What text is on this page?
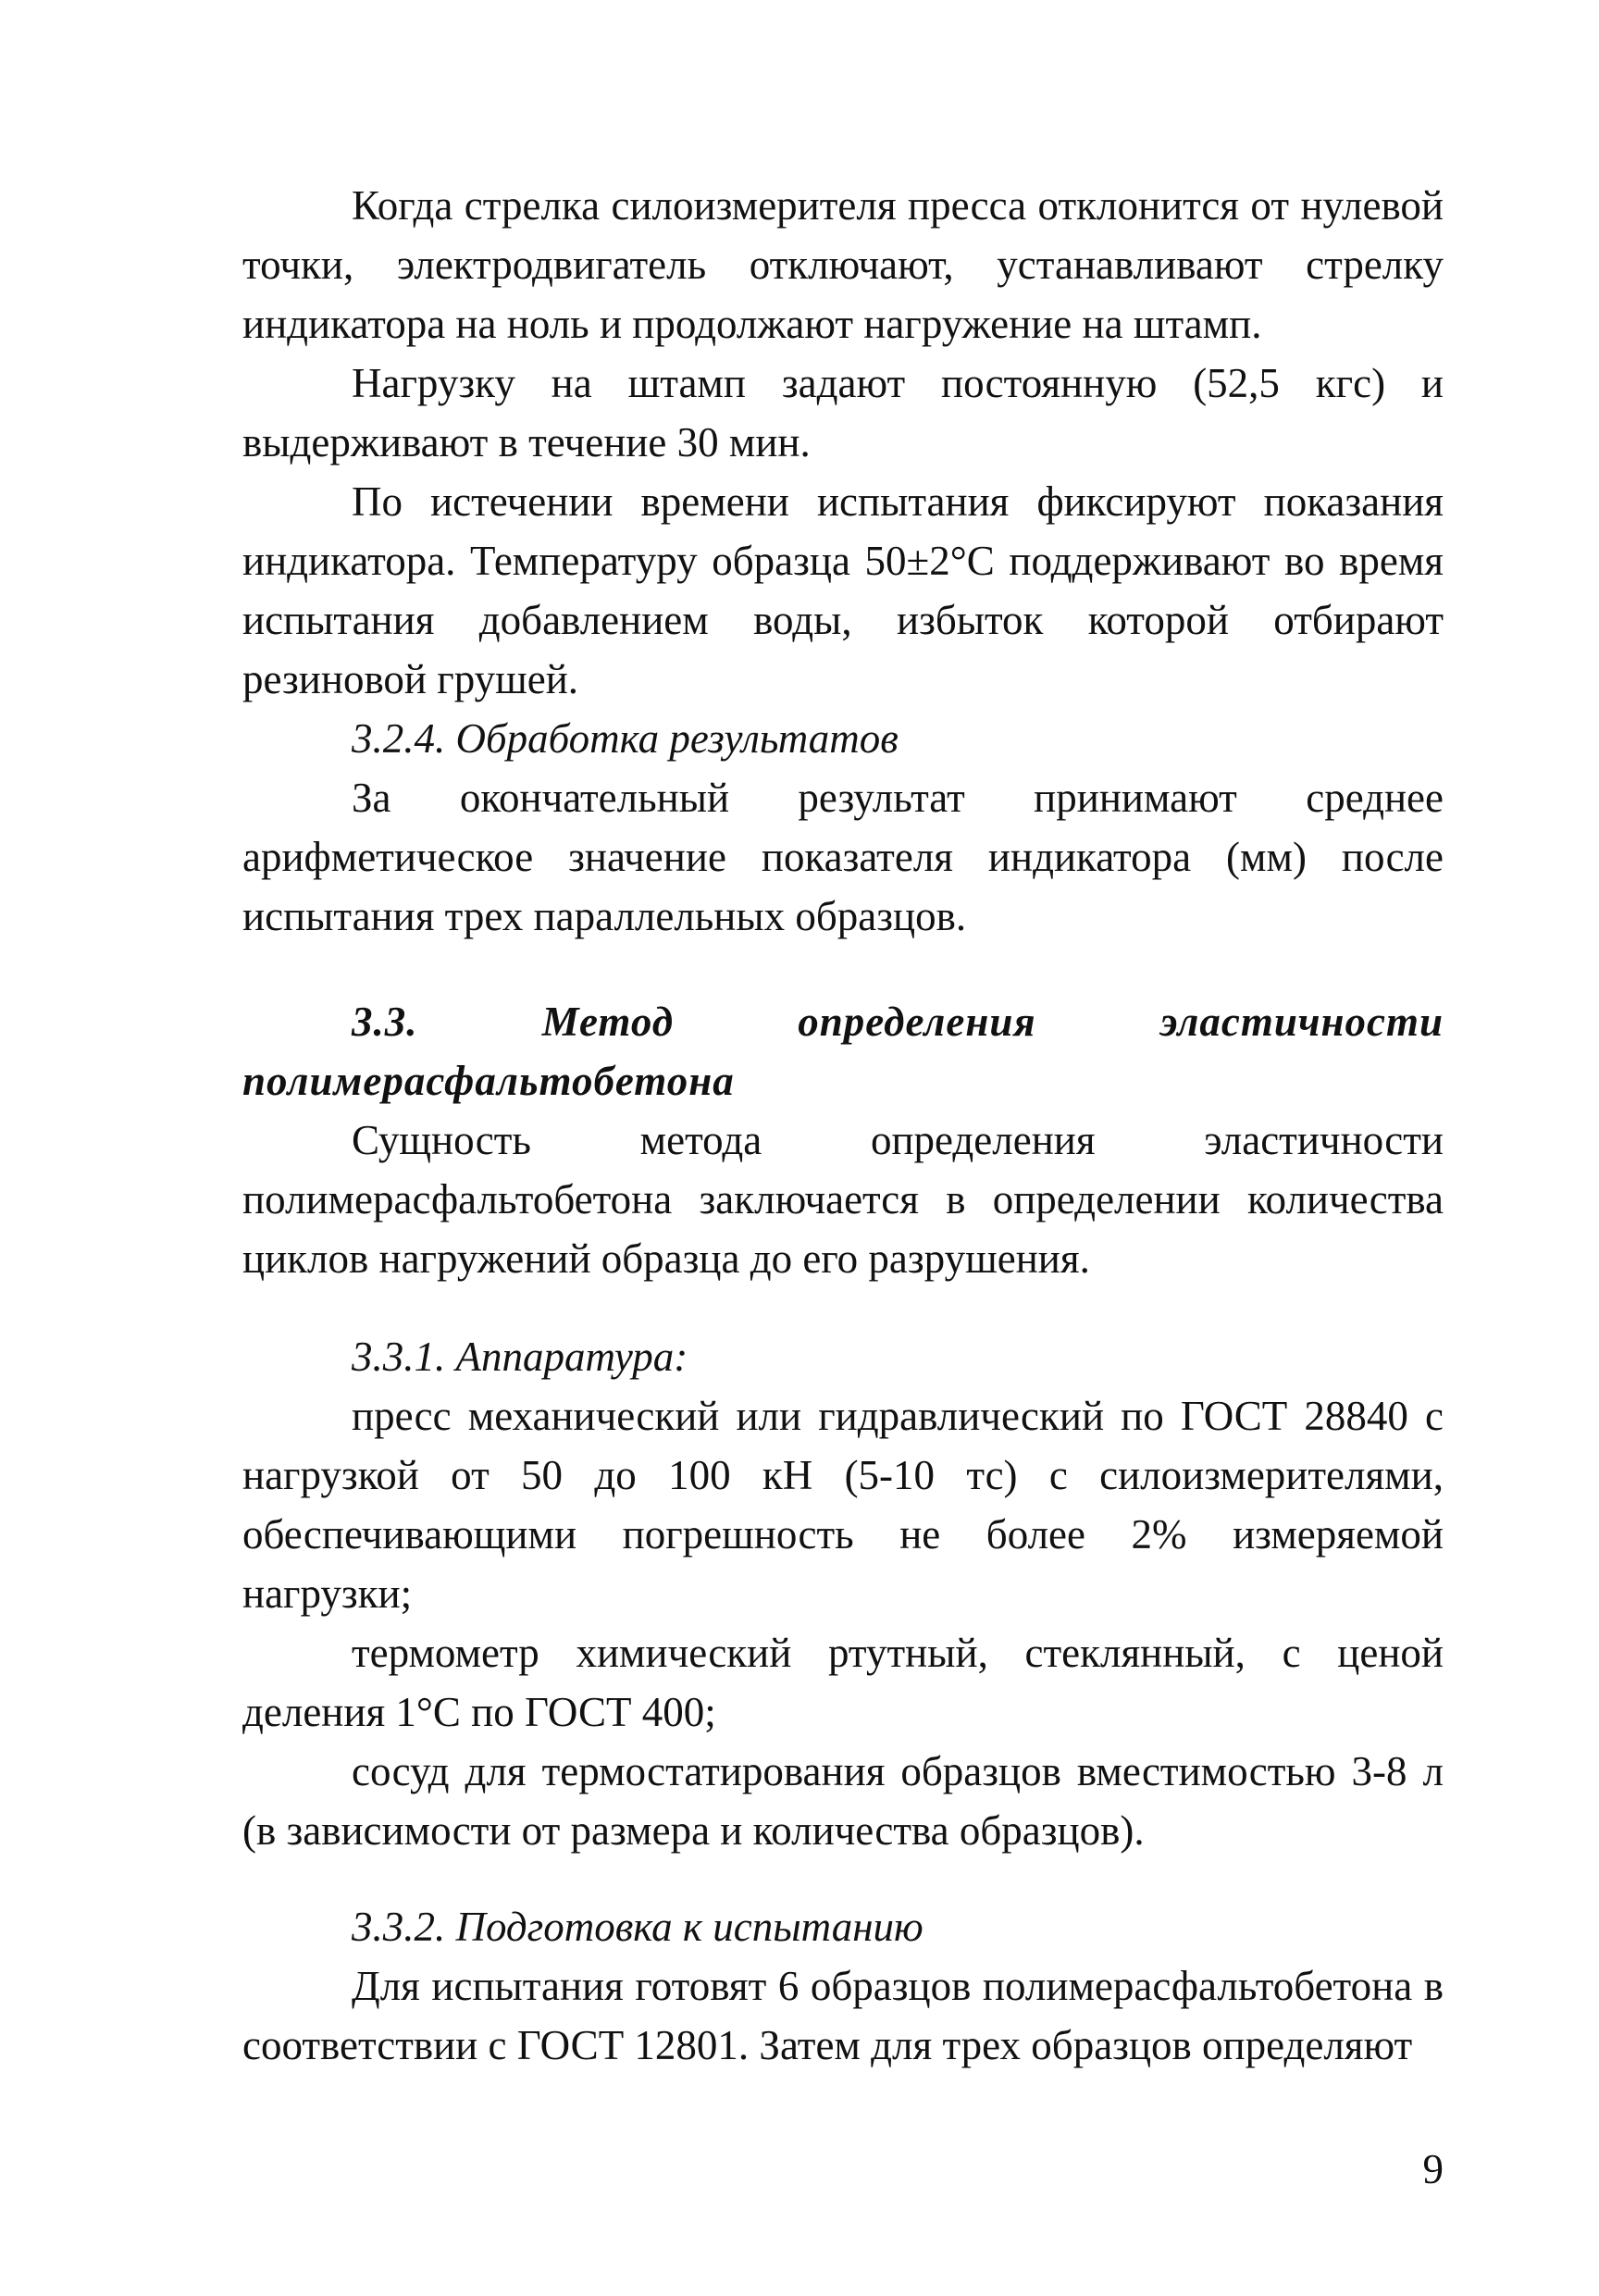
Когда стрелка силоизмерителя пресса отклонится от нулевой точки, электродвигатель отключают, устанавливают стрелку индикатора на ноль и продолжают нагружение на штамп.

Нагрузку на штамп задают постоянную (52,5 кгс) и выдерживают в течение 30 мин.

По истечении времени испытания фиксируют показания индикатора. Температуру образца 50±2°С поддерживают во время испытания добавлением воды, избыток которой отбирают резиновой грушей.

3.2.4. Обработка результатов

За окончательный результат принимают среднее арифметическое значение показателя индикатора (мм) после испытания трех параллельных образцов.

3.3. Метод определения эластичности полимерасфальтобетона

Сущность метода определения эластичности полимерасфальтобетона заключается в определении количества циклов нагружений образца до его разрушения.

3.3.1. Аппаратура:

пресс механический или гидравлический по ГОСТ 28840 с нагрузкой от 50 до 100 кН (5-10 тс) с силоизмерителями, обеспечивающими погрешность не более 2% измеряемой нагрузки;

термометр химический ртутный, стеклянный, с ценой деления 1°С по ГОСТ 400;

сосуд для термостатирования образцов вместимостью 3-8 л (в зависимости от размера и количества образцов).

3.3.2. Подготовка к испытанию

Для испытания готовят 6 образцов полимерасфальтобетона в соответствии с ГОСТ 12801. Затем для трех образцов определяют

9
